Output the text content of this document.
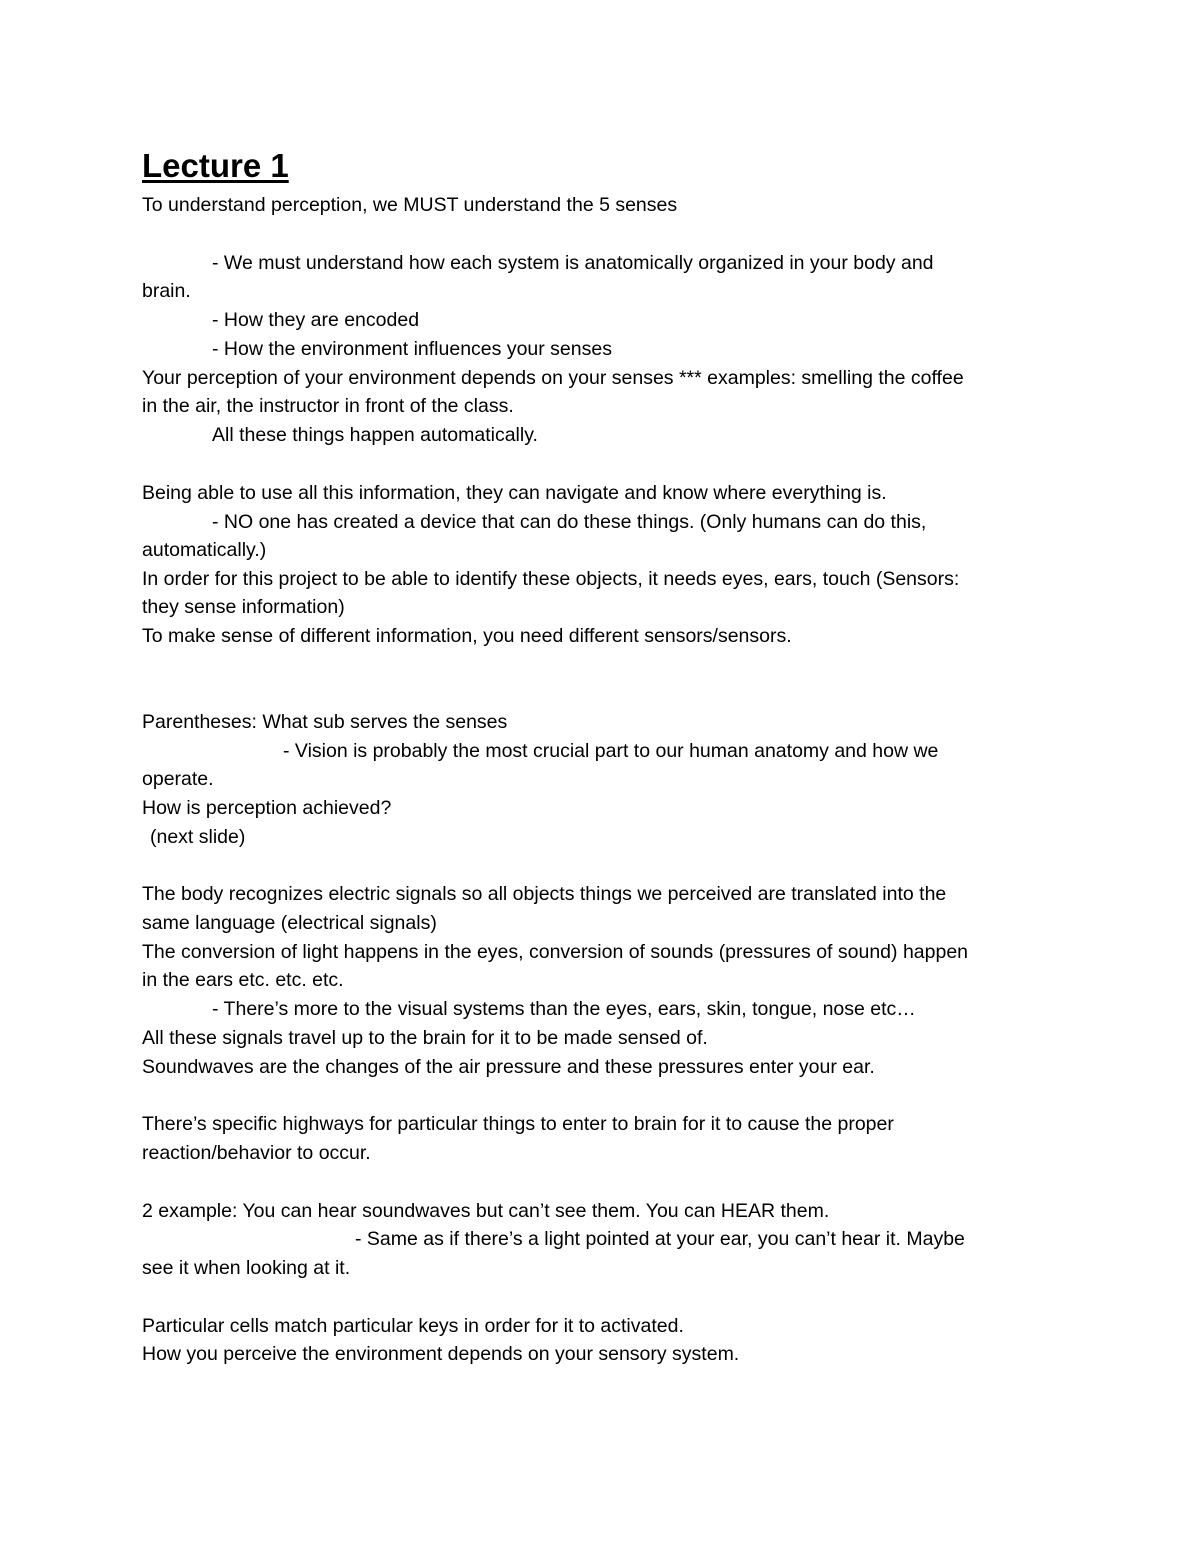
Lecture 1

To understand perception, we MUST understand the 5 senses

- We must understand how each system is anatomically organized in your body and

brain.

- How they are encoded

- How the environment influences your senses

Your perception of your environment depends on your senses *** examples: smelling the coffee

in the air, the instructor in front of the class.

All these things happen automatically.

Being able to use all this information, they can navigate and know where everything is.

- NO one has created a device that can do these things. (Only humans can do this,

automatically.)

In order for this project to be able to identify these objects, it needs eyes, ears, touch (Sensors:

they sense information)

To make sense of different information, you need different sensors/sensors.

Parentheses: What sub serves the senses

- Vision is probably the most crucial part to our human anatomy and how we

operate.

How is perception achieved?

(next slide)

The body recognizes electric signals so all objects things we perceived are translated into the

same language (electrical signals)

The conversion of light happens in the eyes, conversion of sounds (pressures of sound) happen

in the ears etc. etc. etc.

- There’s more to the visual systems than the eyes, ears, skin, tongue, nose etc…

All these signals travel up to the brain for it to be made sensed of.

Soundwaves are the changes of the air pressure and these pressures enter your ear.

There’s specific highways for particular things to enter to brain for it to cause the proper

reaction/behavior to occur.

2 example: You can hear soundwaves but can’t see them. You can HEAR them.

- Same as if there’s a light pointed at your ear, you can’t hear it. Maybe

see it when looking at it.

Particular cells match particular keys in order for it to activated.

How you perceive the environment depends on your sensory system.
